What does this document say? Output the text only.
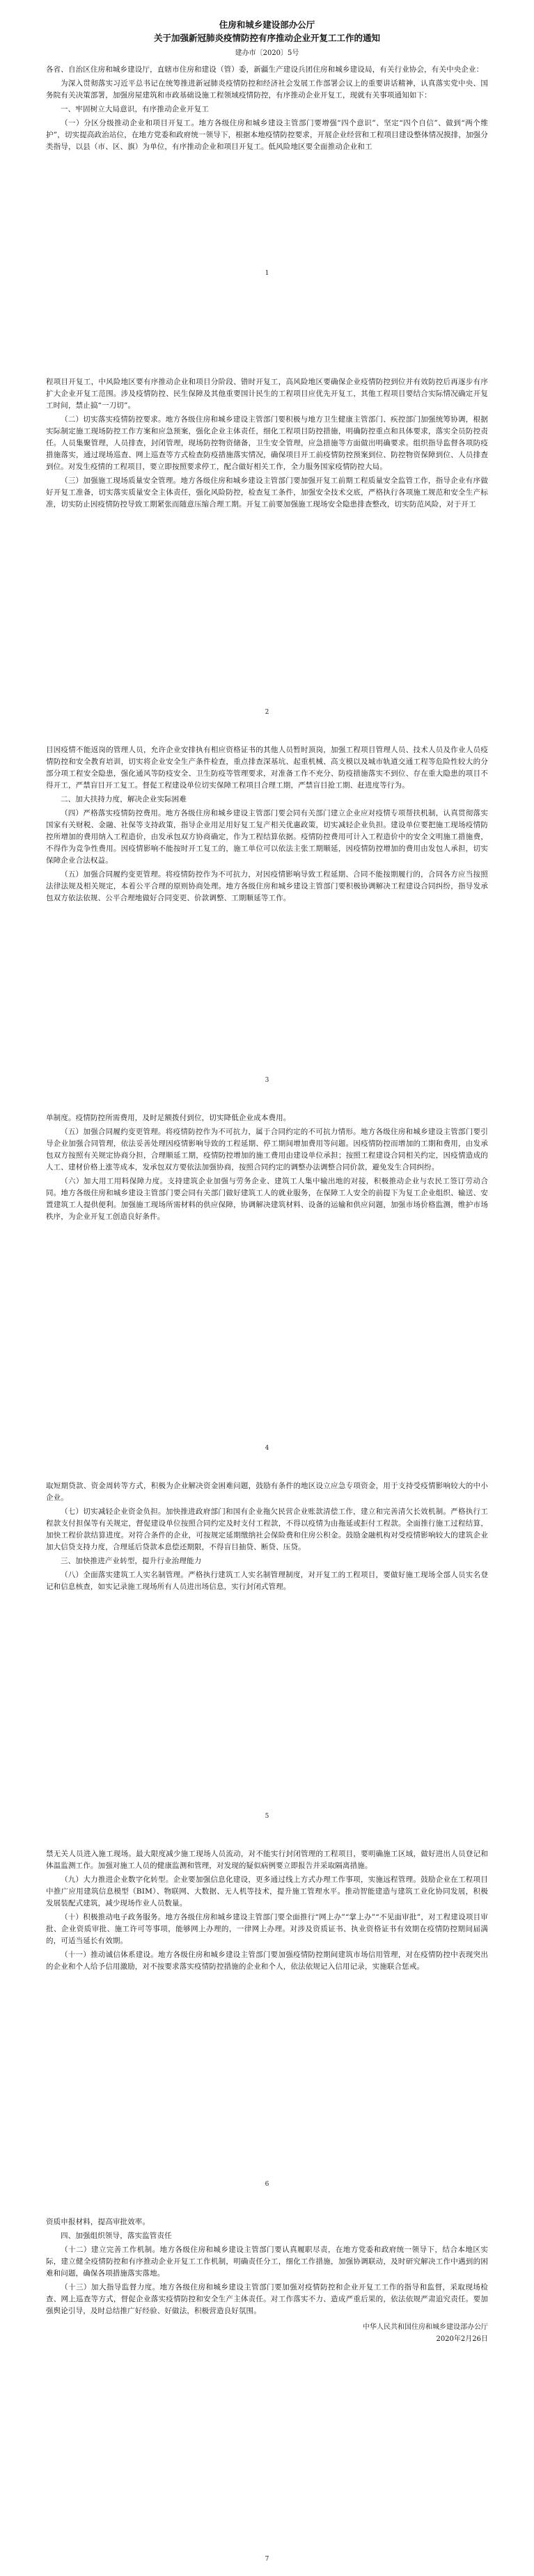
住房和城乡建设部办公厅

关于加强新冠肺炎疫情防控有序推动企业开复工工作的通知

建办市〔2020〕5号

各省、自治区住房和城乡建设厅，直辖市住房和建设（管）委，新疆生产建设兵团住房和城乡建设局，有关行业协会，有关中央企业：

为深入贯彻落实习近平总书记在统筹推进新冠肺炎疫情防控和经济社会发展工作部署会议上的重要讲话精神，认真落实党中央、国务院有关决策部署，加强房屋建筑和市政基础设施工程领域疫情防控，有序推动企业开复工，现就有关事项通知如下：

一、牢固树立大局意识，有序推动企业开复工

（一）分区分级推动企业和项目开复工。地方各级住房和城乡建设主管部门要增强“四个意识”、坚定“四个自信”、做到“两个维护”，切实提高政治站位，在地方党委和政府统一领导下，根据本地疫情防控要求，开展企业经营和工程项目建设整体情况摸排，加强分类指导，以县（市、区、旗）为单位，有序推动企业和项目开复工。低风险地区要全面推动企业和工

1

程项目开复工，中风险地区要有序推动企业和项目分阶段、错时开复工，高风险地区要确保企业疫情防控到位并有效防控后再逐步有序扩大企业开复工范围。涉及疫情防控、民生保障及其他重要国计民生的工程项目应优先开复工，其他工程项目要结合实际情况确定开复工时间，禁止搞“一刀切”。

（二）切实落实疫情防控要求。地方各级住房和城乡建设主管部门要积极与地方卫生健康主管部门、疾控部门加强统筹协调，根据实际制定施工现场防控工作方案和应急预案，强化企业主体责任，细化工程项目防控措施，明确防控重点和具体要求，落实全员防控责任。人员集聚管理，人员排查，封闭管理，现场防控物资储备，卫生安全管理，应急措施等方面做出明确要求。组织指导监督各项防疫措施落实，通过现场巡查、网上巡查等方式检查防疫措施落实情况，确保项目开工前疫情防控预案到位、防控物资保障到位、人员排查到位。对发生疫情的工程项目，要立即按照要求停工，配合做好相关工作，全力服务国家疫情防控大局。

（三）加强施工现场质量安全管理。地方各级住房和城乡建设主管部门要加强开复工前期工程质量安全监管工作，指导企业有序做好开复工准备，切实落实质量安全主体责任，强化风险防控，检查复工条件，加强安全技术交底，严格执行各项施工规范和安全生产标准，切实防止因疫情防控导致工期紧张而随意压缩合理工期。开复工前要加强施工现场安全隐患排查整改，切实防范风险，对于开工

2

目因疫情不能返岗的管理人员，允许企业安排执有相应资格证书的其他人员暂时顶岗，加强工程项目管理人员、技术人员及作业人员疫情防控和安全教育培训，切实将企业安全生产条件检查，重点排查深基坑、起重机械、高支模以及城市轨道交通工程等危险性较大的分部分项工程安全隐患，强化通风等防疫安全、卫生防疫等管理要求，对准备工作不充分、防疫措施落实不到位、存在重大隐患的项目不得开工，严禁盲目开工复工。督促工程建设单位切实保障工程项目合理工期，严禁盲目抢工期、赶进度等行为。

二、加大扶持力度，解决企业实际困难

（四）严格落实疫情防控费用。地方各级住房和城乡建设主管部门要会同有关部门建立企业应对疫情专项帮扶机制，认真贯彻落实国家有关财税、金融、社保等支持政策，指导企业用足用好复工复产相关优惠政策，切实减轻企业负担。建设单位要把施工现场疫情防控所增加的费用纳入工程造价，由发承包双方协商确定，作为工程结算依据。疫情防控费用可计入工程造价中的安全文明施工措施费，不得作为竞争性费用。因疫情影响不能按时开工复工的，施工单位可以依法主张工期顺延，因疫情防控增加的费用由发包人承担，切实保障企业合法权益。

（五）加强合同履约变更管理。将疫情防控作为不可抗力，对因疫情影响导致工程延期、合同不能按期履行的，合同各方应当按照法律法规及相关规定，本着公平合理的原则协商处理。地方各级住房和城乡建设主管部门要积极协调解决工程建设合同纠纷，指导发承包双方依法依规、公平合理地做好合同变更、价款调整、工期顺延等工作。

3

单制度。疫情防控所需费用，及时足额拨付到位，切实降低企业成本费用。

（五）加强合同履约变更管理。将疫情防控作为不可抗力，属于合同约定的不可抗力情形。地方各级住房和城乡建设主管部门要引导企业加强合同管理，依法妥善处理因疫情影响导致的工程延期、停工期间增加费用等问题。因疫情防控而增加的工期和费用，由发承包双方按照有关规定协商分担，合理顺延工期，疫情防控增加的施工费用由建设单位承担；按照工程建设合同相关约定，因疫情造成的人工、建材价格上涨等成本，发承包双方要依法加强协商，按照合同约定的调整办法调整合同价款，避免发生合同纠纷。

（六）加大用工用料保障力度。支持建筑企业加强与劳务企业、建筑工人集中输出地的对接，积极推动企业与农民工签订劳动合同。地方各级住房和城乡建设主管部门要会同有关部门做好建筑工人的就业服务，在保障工人安全的前提下为复工企业组织、输送、安置建筑工人提供便利。加强施工现场所需材料的供应保障，协调解决建筑材料、设备的运输和供应问题，加强市场价格监测，维护市场秩序，为企业开复工创造良好条件。

4

取短期贷款、资金周转等方式，积极为企业解决资金困难问题，鼓励有条件的地区设立应急专项资金，用于支持受疫情影响较大的中小企业。

（七）切实减轻企业资金负担。加快推进政府部门和国有企业拖欠民营企业账款清偿工作，建立和完善清欠长效机制。严格执行工程款支付担保等有关规定，督促建设单位按照合同约定及时支付工程款，不得以疫情为由拖延或拒付工程款。全面推行施工过程结算，加快工程价款结算进度。对符合条件的企业，可按规定延期缴纳社会保险费和住房公积金。鼓励金融机构对受疫情影响较大的建筑企业加大信贷支持力度，合理延后贷款本息偿还期限，不得盲目抽贷、断贷、压贷。

三、加快推进产业转型，提升行业治理能力

（八）全面落实建筑工人实名制管理。严格执行建筑工人实名制管理制度，对开复工的工程项目，要做好施工现场全部人员实名登记和信息核查，如实记录施工现场所有人员进出场信息，实行封闭式管理。

5

禁无关人员进入施工现场。最大限度减少施工现场人员流动，对不能实行封闭管理的工程项目，要明确施工区域，做好进出人员登记和体温监测工作。加强对施工人员的健康监测和管理，对发现的疑似病例要立即报告并采取隔离措施。

（九）大力推进企业数字化转型。企业要加强信息化建设，更多通过线上方式办理工作事项，实施远程管理。鼓励企业在工程项目中推广应用建筑信息模型（BIM）、物联网、大数据、无人机等技术，提升施工管理水平。推动智能建造与建筑工业化协同发展，积极发展装配式建筑，减少现场作业人员数量。

（十）积极推动电子政务服务。地方各级住房和城乡建设主管部门要全面推行“网上办”“掌上办”“不见面审批”，对工程建设项目审批、企业资质审批、施工许可等事项，能够网上办理的，一律网上办理。对涉及资质证书、执业资格证书有效期在疫情防控期间届满的，可适当延长有效期。

（十一）推动诚信体系建设。地方各级住房和城乡建设主管部门要加强疫情防控期间建筑市场信用管理，对在疫情防控中表现突出的企业和个人给予信用激励，对不按要求落实疫情防控措施的企业和个人，依法依规记入信用记录，实施联合惩戒。

6

资质申报材料，提高审批效率。

四、加强组织领导，落实监管责任

（十二）建立完善工作机制。地方各级住房和城乡建设主管部门要认真履职尽责，在地方党委和政府统一领导下，结合本地区实际，建立健全疫情防控和有序推动企业开复工工作机制，明确责任分工，细化工作措施，加强协调联动，及时研究解决工作中遇到的困难和问题，确保各项措施落实落地。

（十三）加大指导监督力度。地方各级住房和城乡建设主管部门要加强对疫情防控和企业开复工工作的指导和监督，采取现场检查、网上巡查等方式，督促企业落实疫情防控和安全生产主体责任。对工作落实不力、造成严重后果的，依法依规严肃追究责任。要加强舆论引导，及时总结推广好经验、好做法，积极营造良好氛围。

中华人民共和国住房和城乡建设部办公厅

2020年2月26日

7
